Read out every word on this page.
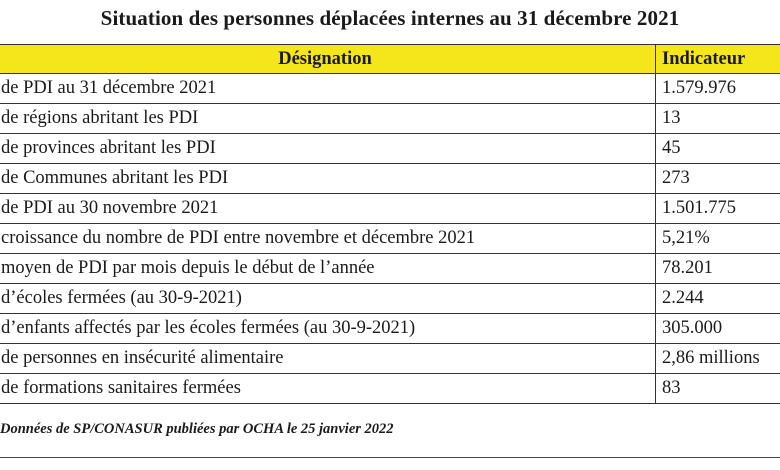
Situation des personnes déplacées internes au 31 décembre 2021
Désignation	Indicateur
de PDI au 31 décembre 2021	1.579.976
de régions abritant les PDI	13
de provinces abritant les PDI	45
de Communes abritant les PDI	273
de PDI au 30 novembre 2021	1.501.775
croissance du nombre de PDI entre novembre et décembre 2021	5,21%
moyen de PDI par mois depuis le début de l’année	78.201
d’écoles fermées (au 30-9-2021)	2.244
d’enfants affectés par les écoles fermées (au 30-9-2021)	305.000
de personnes en insécurité alimentaire	2,86 millions
de formations sanitaires fermées	83
Données de SP/CONASUR publiées par OCHA le 25 janvier 2022
